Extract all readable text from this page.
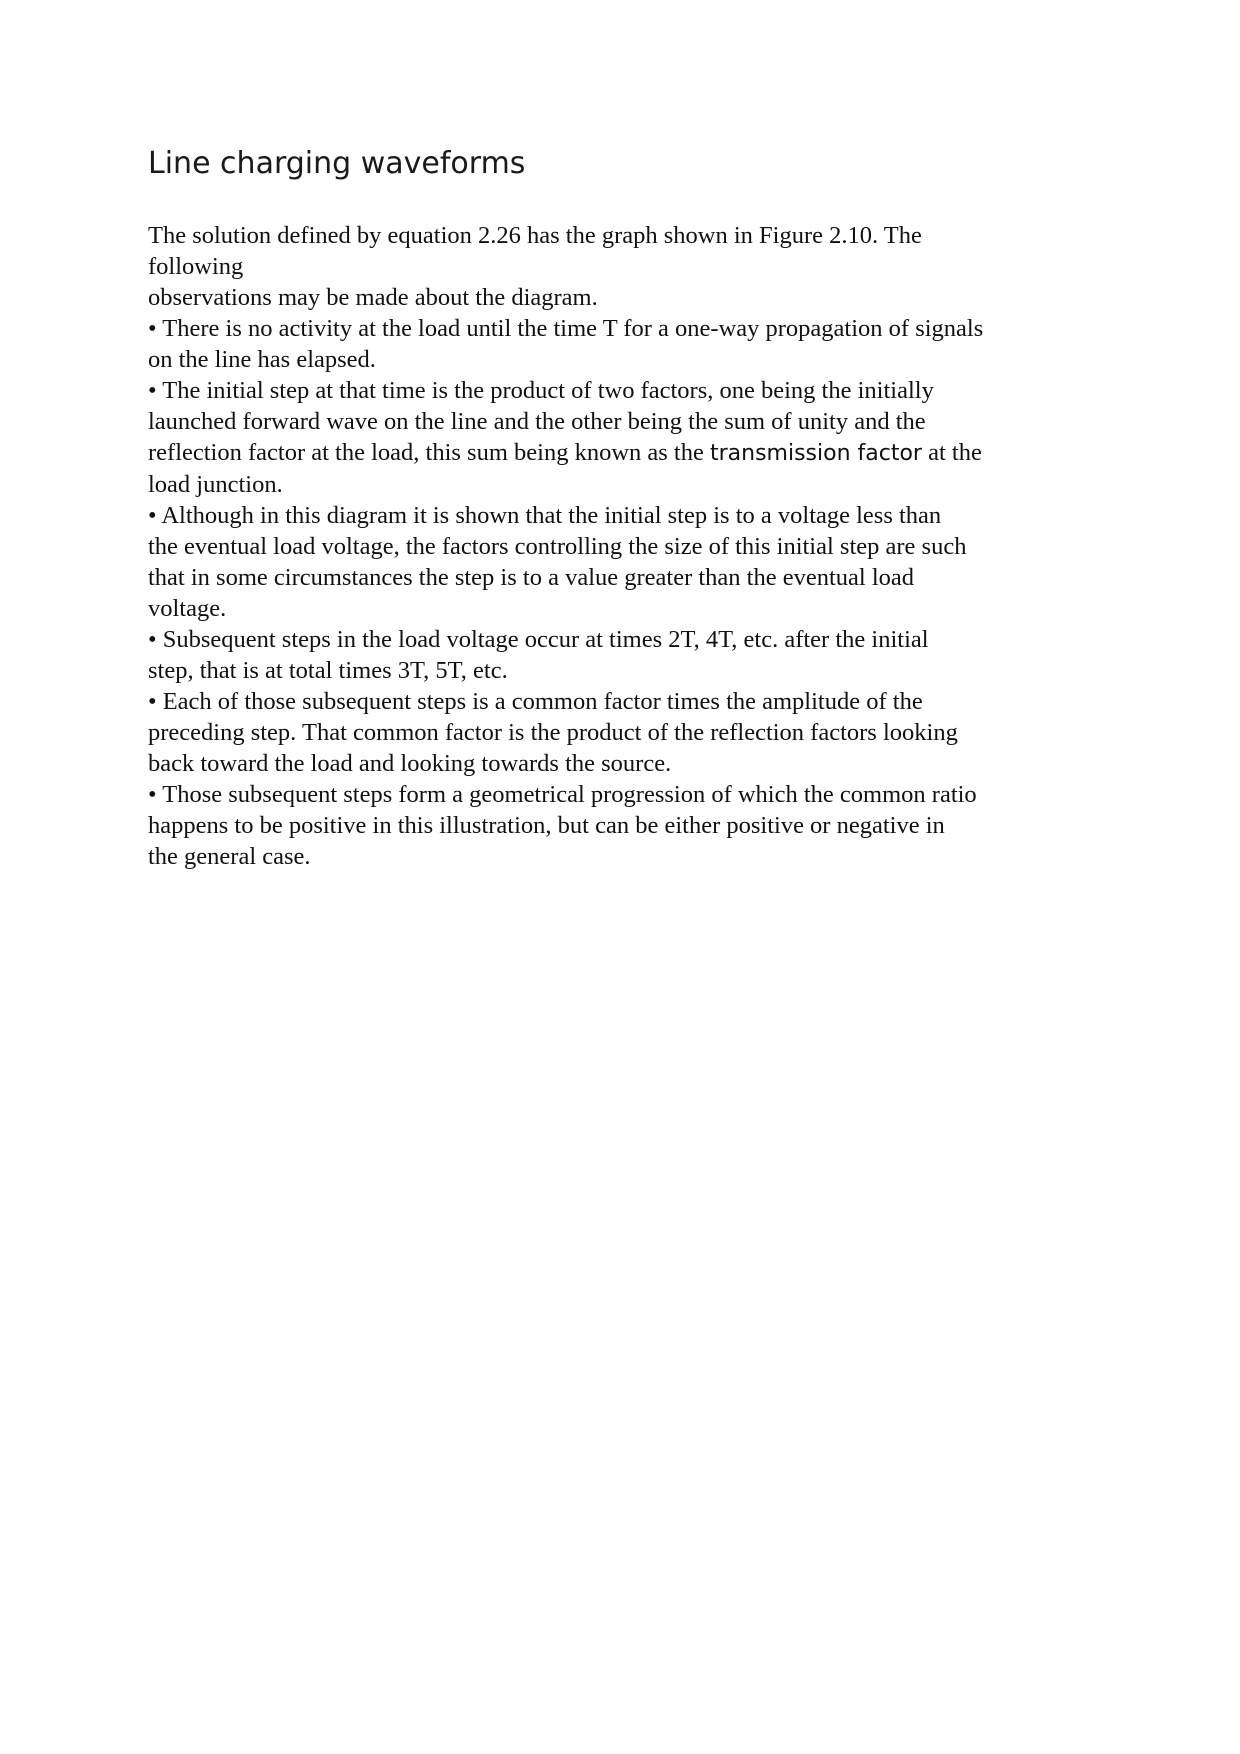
Line charging waveforms
The solution defined by equation 2.26 has the graph shown in Figure 2.10. The
following
observations may be made about the diagram.
• There is no activity at the load until the time T for a one-way propagation of signals
on the line has elapsed.
• The initial step at that time is the product of two factors, one being the initially
launched forward wave on the line and the other being the sum of unity and the
reflection factor at the load, this sum being known as the transmission factor at the
load junction.
• Although in this diagram it is shown that the initial step is to a voltage less than
the eventual load voltage, the factors controlling the size of this initial step are such
that in some circumstances the step is to a value greater than the eventual load
voltage.
• Subsequent steps in the load voltage occur at times 2T, 4T, etc. after the initial
step, that is at total times 3T, 5T, etc.
• Each of those subsequent steps is a common factor times the amplitude of the
preceding step. That common factor is the product of the reflection factors looking
back toward the load and looking towards the source.
• Those subsequent steps form a geometrical progression of which the common ratio
happens to be positive in this illustration, but can be either positive or negative in
the general case.
